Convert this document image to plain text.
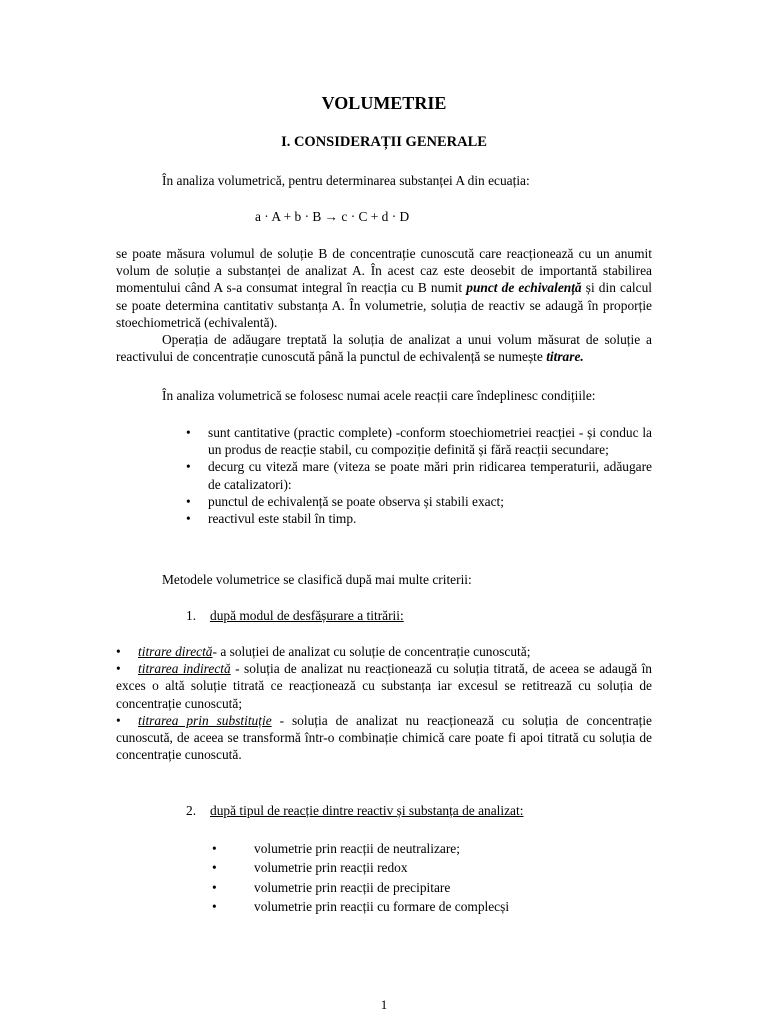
VOLUMETRIE
I. CONSIDERAȚII GENERALE
În analiza volumetrică, pentru determinarea substanței A din ecuația:
a · A + b · B → c · C + d · D
se poate măsura volumul de soluție B de concentrație cunoscută care reacționează cu un anumit volum de soluție a substanței de analizat A. În acest caz este deosebit de importantă stabilirea momentului când A s-a consumat integral în reacția cu B numit punct de echivalență și din calcul se poate determina cantitativ substanța A. În volumetrie, soluția de reactiv se adaugă în proporție stoechiometrică (echivalentă).
Operația de adăugare treptată la soluția de analizat a unui volum măsurat de soluție a reactivului de concentrație cunoscută până la punctul de echivalență se numește titrare.
În analiza volumetrică se folosesc numai acele reacții care îndeplinesc condițiile:
• sunt cantitative (practic complete) -conform stoechiometriei reacției - și conduc la un produs de reacție stabil, cu compoziție definită și fără reacții secundare;
• decurg cu viteză mare (viteza se poate mări prin ridicarea temperaturii, adăugare de catalizatori):
• punctul de echivalență se poate observa și stabili exact;
• reactivul este stabil în timp.
Metodele volumetrice se clasifică după mai multe criterii:
1. după modul de desfășurare a titrării:
• titrare directă- a soluției de analizat cu soluție de concentrație cunoscută;
• titrarea indirectă - soluția de analizat nu reacționează cu soluția titrată, de aceea se adaugă în exces o altă soluție titrată ce reacționează cu substanța iar excesul se retitrează cu soluția de concentrație cunoscută;
• titrarea prin substituție - soluția de analizat nu reacționează cu soluția de concentrație cunoscută, de aceea se transformă într-o combinație chimică care poate fi apoi titrată cu soluția de concentrație cunoscută.
2. după tipul de reacție dintre reactiv și substanța de analizat:
•	volumetrie prin reacții de neutralizare;
•	volumetrie prin reacții redox
•	volumetrie prin reacții de precipitare
•	volumetrie prin reacții cu formare de complecși
1
